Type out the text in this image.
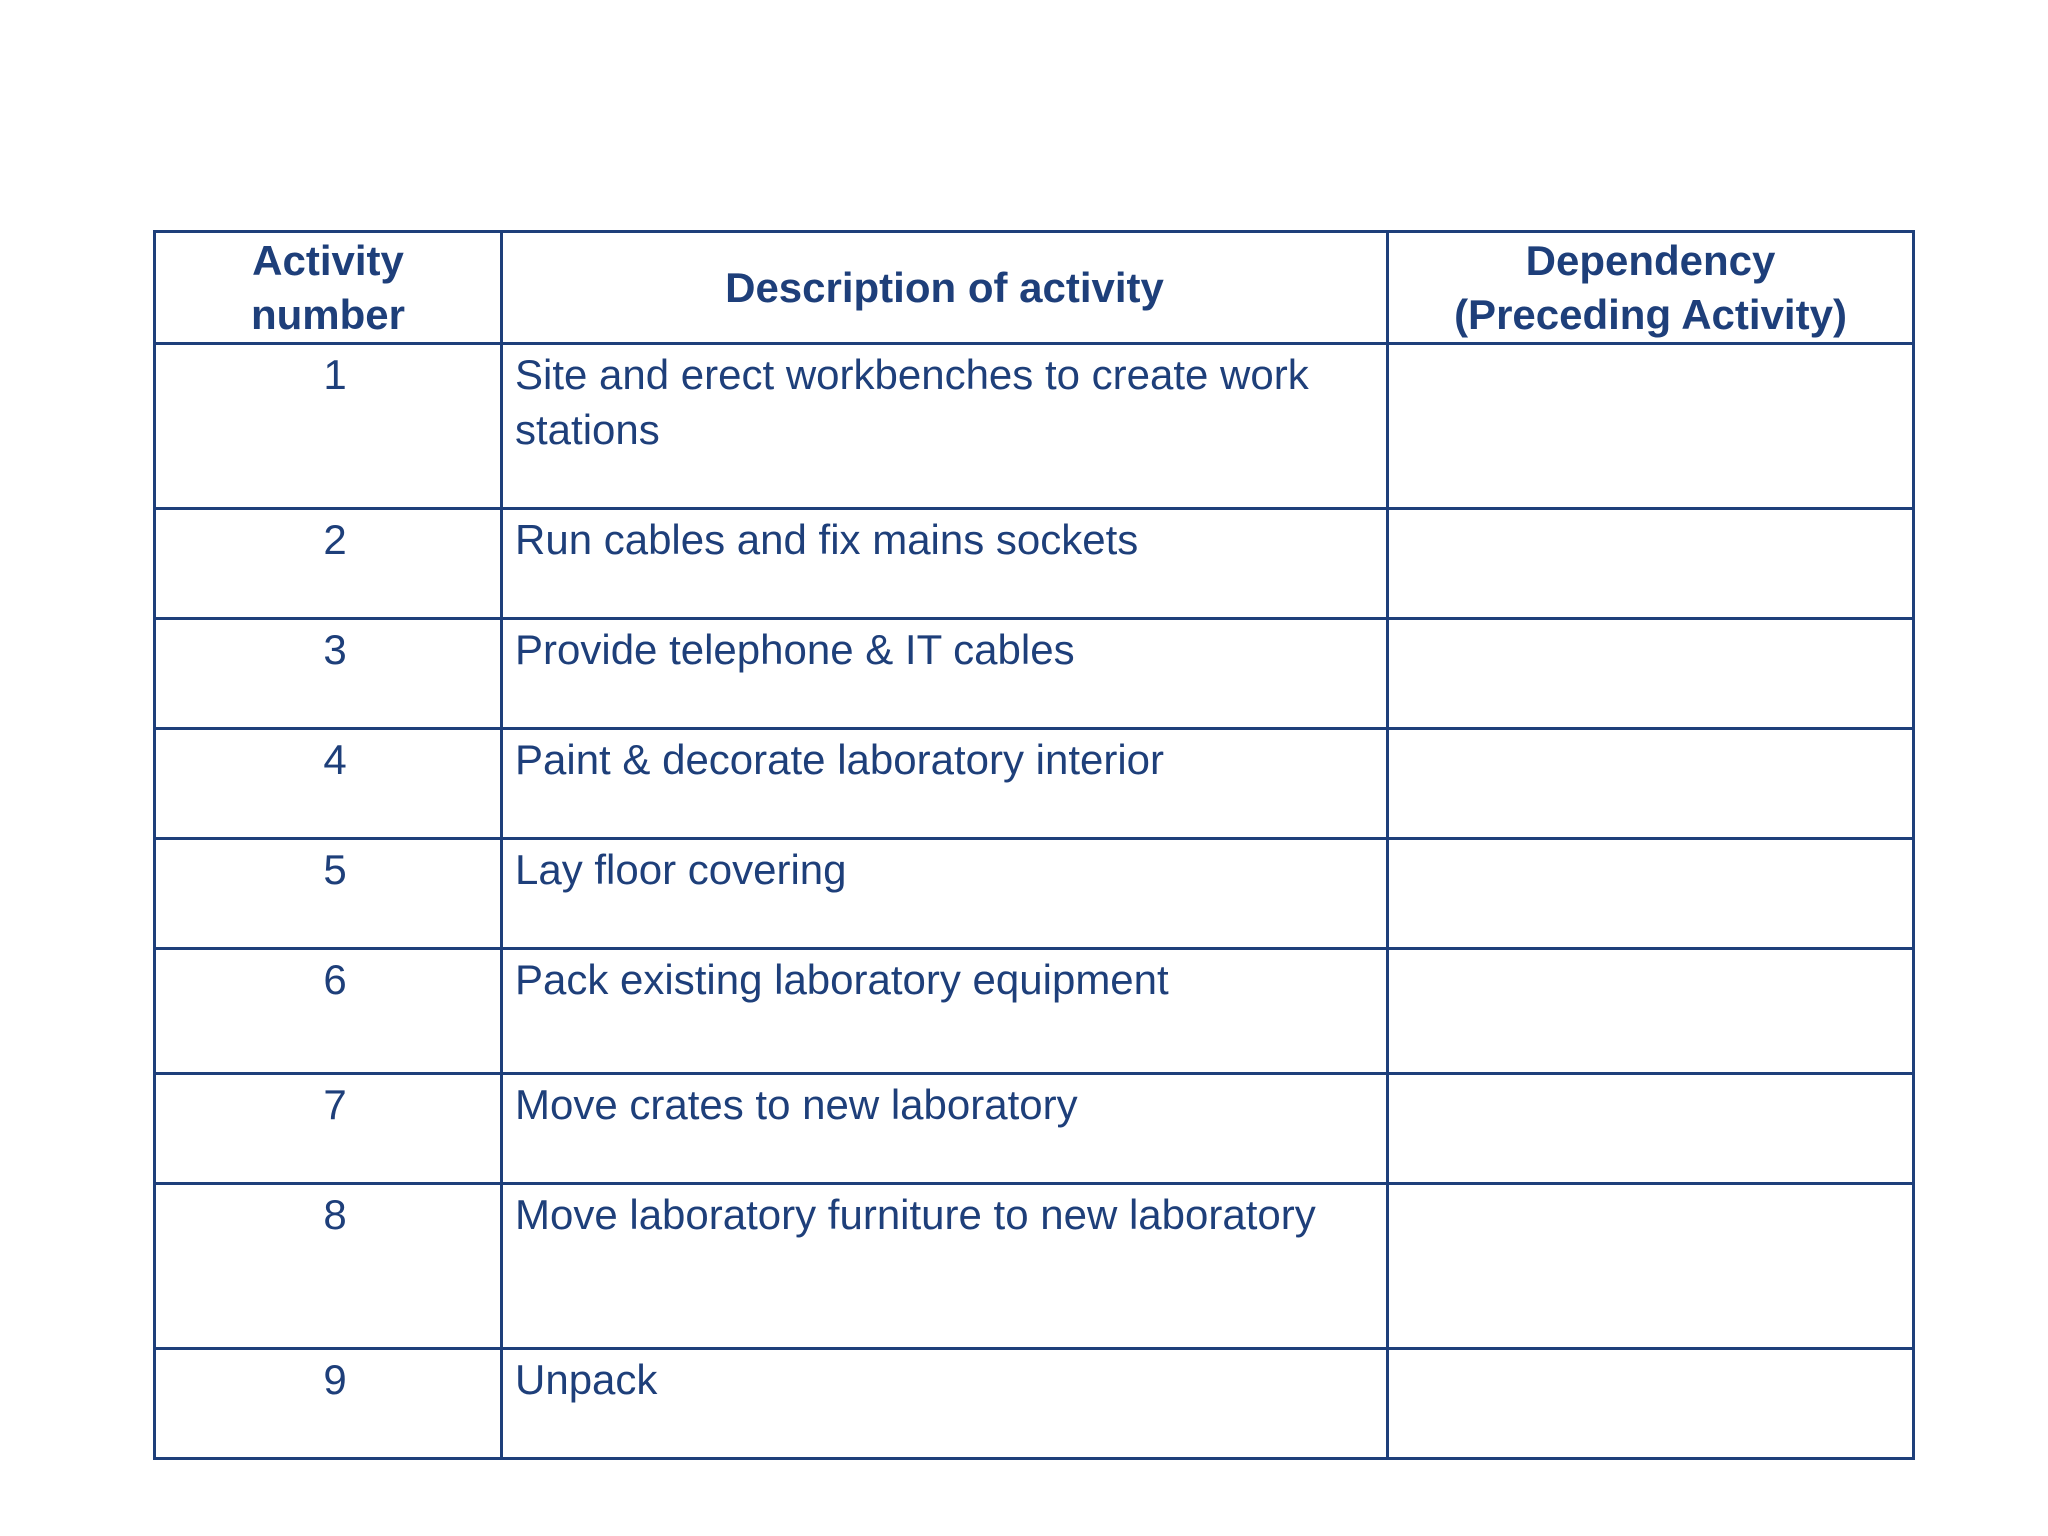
Activity number	Description of activity	Dependency (Preceding Activity)

1	Site and erect workbenches to create work stations	

2	Run cables and fix mains sockets	

3	Provide telephone & IT cables	

4	Paint & decorate laboratory interior	

5	Lay floor covering	

6	Pack existing laboratory equipment	

7	Move crates to new laboratory	

8	Move laboratory furniture to new laboratory	

9	Unpack	
